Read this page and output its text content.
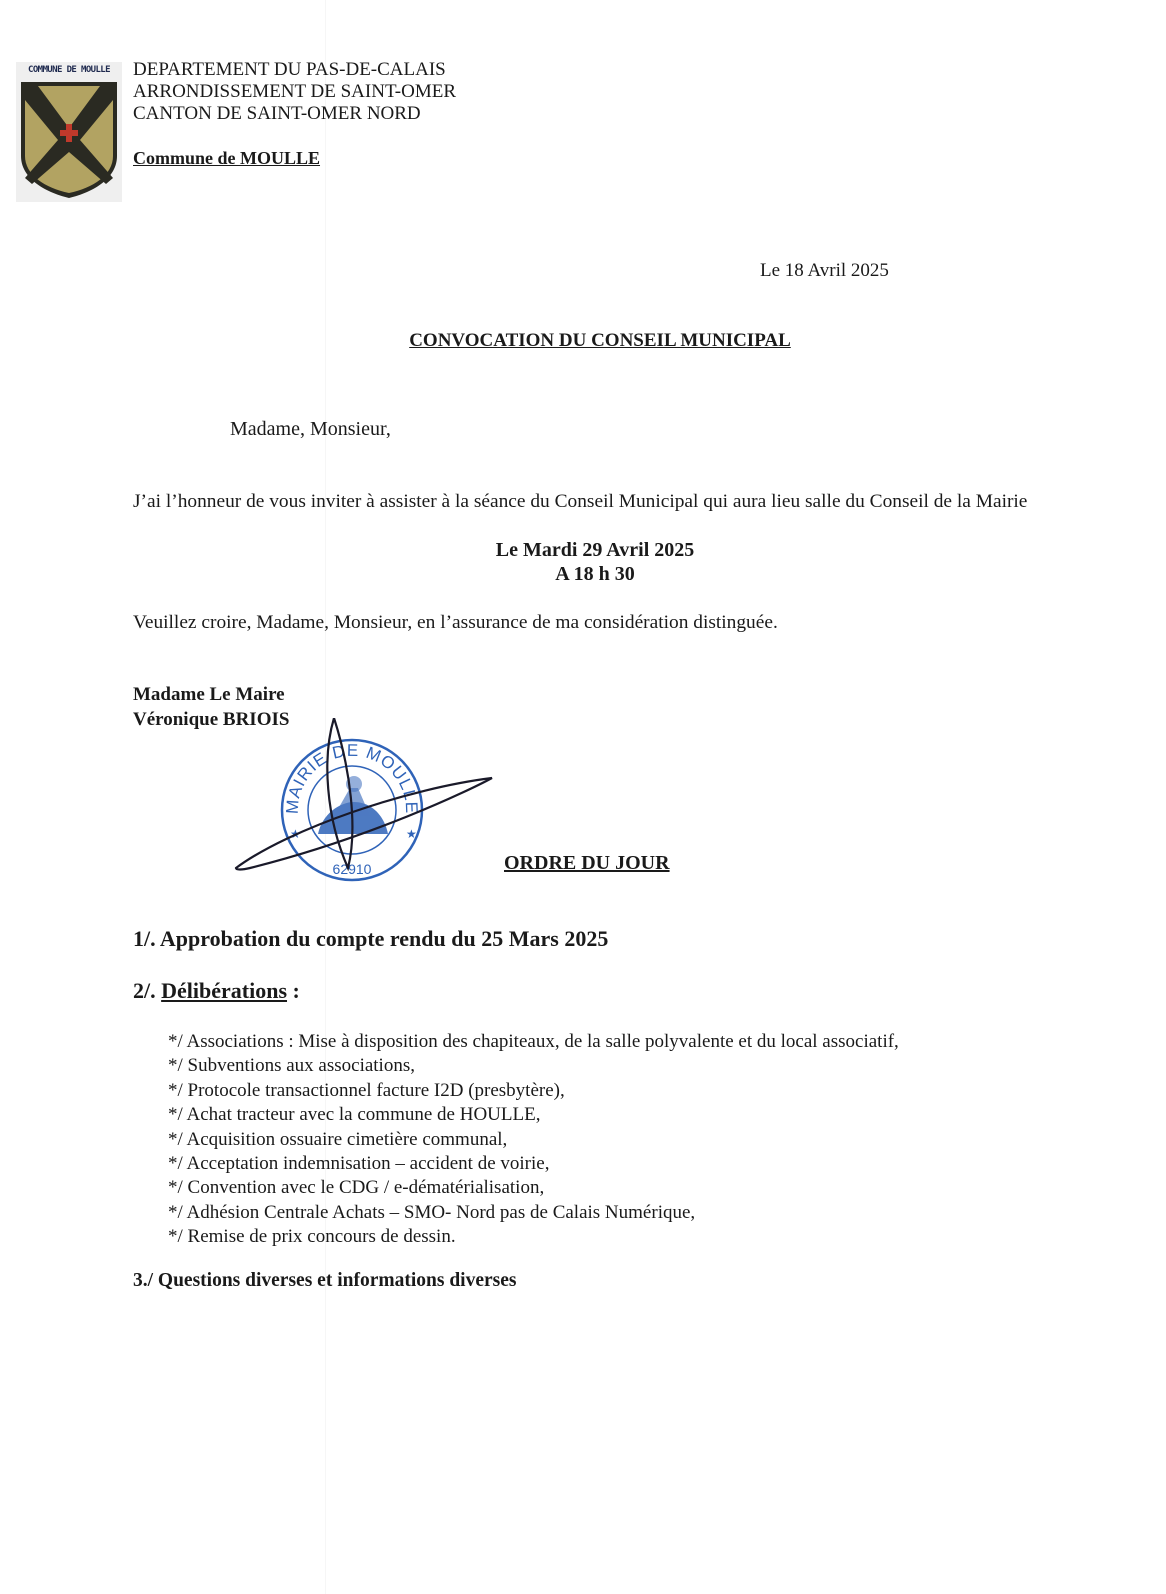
COMMUNE DE MOULLE	DEPARTEMENT DU PAS-DE-CALAIS
ARRONDISSEMENT DE SAINT-OMER
CANTON DE SAINT-OMER NORD
Commune de MOULLE
Le 18 Avril 2025
CONVOCATION DU CONSEIL MUNICIPAL
Madame, Monsieur,
J’ai l’honneur de vous inviter à assister à la séance du Conseil Municipal qui aura lieu salle du Conseil de la Mairie
Le Mardi 29 Avril 2025
A 18 h 30
Veuillez croire, Madame, Monsieur, en l’assurance de ma considération distinguée.
Madame Le Maire
Véronique BRIOIS
MAIRIE DE MOULLE
62910
★	★
ORDRE DU JOUR
1/. Approbation du compte rendu du 25 Mars 2025
2/. Délibérations :
*/ Associations : Mise à disposition des chapiteaux, de la salle polyvalente et du local associatif,
*/ Subventions aux associations,
*/ Protocole transactionnel facture I2D (presbytère),
*/ Achat tracteur avec la commune de HOULLE,
*/ Acquisition ossuaire cimetière communal,
*/ Acceptation indemnisation – accident de voirie,
*/ Convention avec le CDG / e-dématérialisation,
*/ Adhésion Centrale Achats – SMO- Nord pas de Calais Numérique,
*/ Remise de prix concours de dessin.
3./ Questions diverses et informations diverses
